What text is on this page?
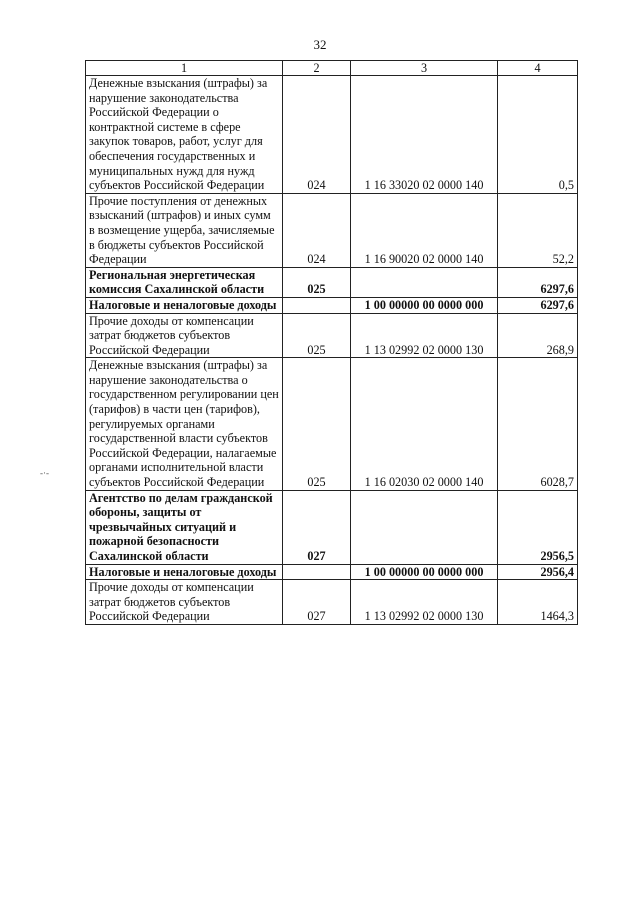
32
-·-
1	2	3	4
Денежные взыскания (штрафы) за нарушение законодательства Российской Федерации о контрактной системе в сфере закупок товаров, работ, услуг для обеспечения государственных и муниципальных нужд для нужд субъектов Российской Федерации	024	1 16 33020 02 0000 140	0,5
Прочие поступления от денежных взысканий (штрафов) и иных сумм в возмещение ущерба, зачисляемые в бюджеты субъектов Российской Федерации	024	1 16 90020 02 0000 140	52,2
Региональная энергетическая комиссия Сахалинской области	025		6297,6
Налоговые и неналоговые доходы		1 00 00000 00 0000 000	6297,6
Прочие доходы от компенсации затрат бюджетов субъектов Российской Федерации	025	1 13 02992 02 0000 130	268,9
Денежные взыскания (штрафы) за нарушение законодательства о государственном регулировании цен (тарифов) в части цен (тарифов), регулируемых органами государственной власти субъектов Российской Федерации, налагаемые органами исполнительной власти субъектов Российской Федерации	025	1 16 02030 02 0000 140	6028,7
Агентство по делам гражданской обороны, защиты от чрезвычайных ситуаций и пожарной безопасности Сахалинской области	027		2956,5
Налоговые и неналоговые доходы		1 00 00000 00 0000 000	2956,4
Прочие доходы от компенсации затрат бюджетов субъектов Российской Федерации	027	1 13 02992 02 0000 130	1464,3
